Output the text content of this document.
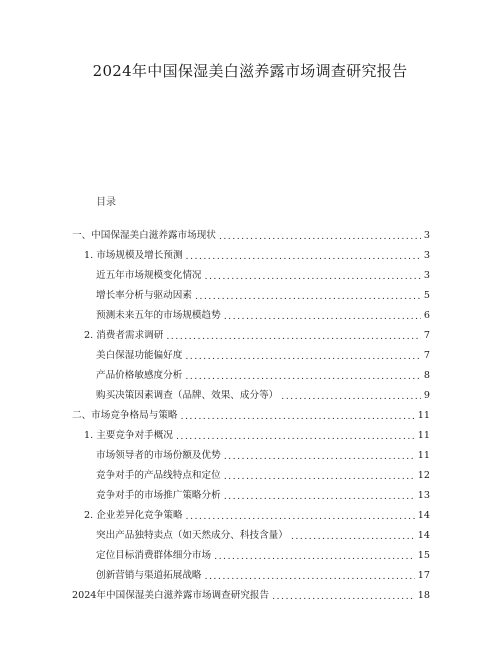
2024年中国保湿美白滋养露市场调查研究报告
目录
一、中国保湿美白滋养露市场现状 .....	3
1. 市场规模及增长预测 .....	3
近五年市场规模变化情况 .....	3
增长率分析与驱动因素 .....	5
预测未来五年的市场规模趋势 .....	6
2. 消费者需求调研 .....	7
美白保湿功能偏好度 .....	7
产品价格敏感度分析 .....	8
购买决策因素调查（品牌、效果、成分等） .....	9
二、市场竞争格局与策略 .....	11
1. 主要竞争对手概况 .....	11
市场领导者的市场份额及优势 .....	11
竞争对手的产品线特点和定位 .....	12
竞争对手的市场推广策略分析 .....	13
2. 企业差异化竞争策略 .....	14
突出产品独特卖点（如天然成分、科技含量） .....	14
定位目标消费群体细分市场 .....	15
创新营销与渠道拓展战略 .....	17
2024年中国保湿美白滋养露市场调查研究报告 .....	18
